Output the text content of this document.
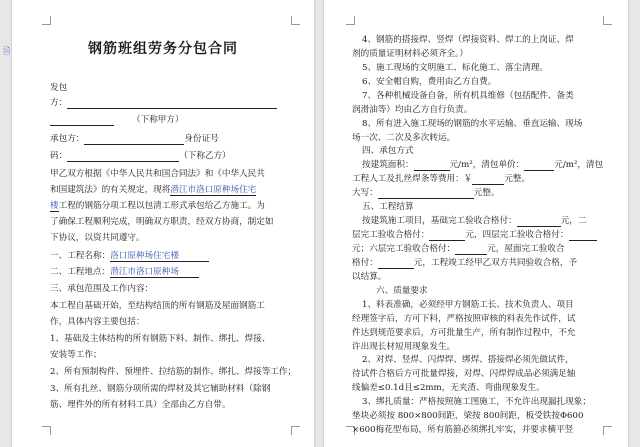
钢筋班组劳务分包合同
发包
方：
（下称甲方）
承包方：	身份证号
码：	（下称乙方）
甲乙双方根据《中华人民共和国合同法》和《中华人民共
和国建筑法》的有关规定，现将潜江市洛口原种场住宅
楼工程的钢筋分项工程以包清工形式承包给乙方施工。为
了确保工程顺利完成，明确双方职责，经双方协商，制定如
下协议，以资共同遵守。
一、工程名称：洛口原种场住宅楼
二、工程地点：潜江市洛口原种场
三、承包范围及工作内容：
本工程自基础开始，至结构结顶的所有钢筋及屋面钢筋工
作，具体内容主要包括：
1、基础及主体结构的所有钢筋下料、制作、绑扎、焊接、
安装等工作；
2、所有预制构件、预埋件、拉结筋的制作、绑扎、焊接等工作；
3、所有扎丝、钢筋分项所需的焊材及其它辅助材料（除钢
筋、埋件外的所有材料工具）全部由乙方自带。
🗎
4、钢筋的搭接焊、竖焊（焊接资料、焊工的上岗证、焊
剂的质量证明材料必须齐全。）
5、施工现场的文明施工、标化施工、落尘清理。
6、安全帽自购，费用由乙方自费。
7、各种机械设备自备，所有机具维修（包括配件、备类
润滑油等）均由乙方自行负责。
8、所有进入施工现场的钢筋的水平运输、垂直运输、现场
场一次、二次及多次转运。
四、承包方式
按建筑面积：	元/m²，清包单价：	元/m²，清包
工程人工及扎丝焊条等费用：￥	元整。
大写：	元整。
五、工程结算
按建筑施工项目，基础完工验收合格付：	元，二
层完工验收合格付：	元，四层完工验收合格付：
元；六层完工验收合格付：	元，屋面完工验收合
格付：	元，工程竣工经甲乙双方共同验收合格，予
以结算。
六、质量要求
1、料表准确，必须经甲方钢筋工长、技术负责人、项目
经理签字后，方可下料，严格按照审核的料表先作试件，试
件达到规范要求后，方可批量生产，所有制作过程中，不允
许出现长材短用现象发生。
2、对焊、竖焊、闪焊焊、绑焊、搭接焊必须先做试件，
待试件合格后方可批量焊接，对焊、闪焊焊成品必须满足轴
线偏差≤0.1d且≤2mm，无夹渣、弯曲现象发生。
3、绑扎质量：严格按照施工图施工，不允许出现漏扎现象；
垫块必须按 800×800间距，梁按 800间距，板受铁按Φ600
×600梅花型布局，所有筋箍必须绑扎牢实，并要求横平竖
